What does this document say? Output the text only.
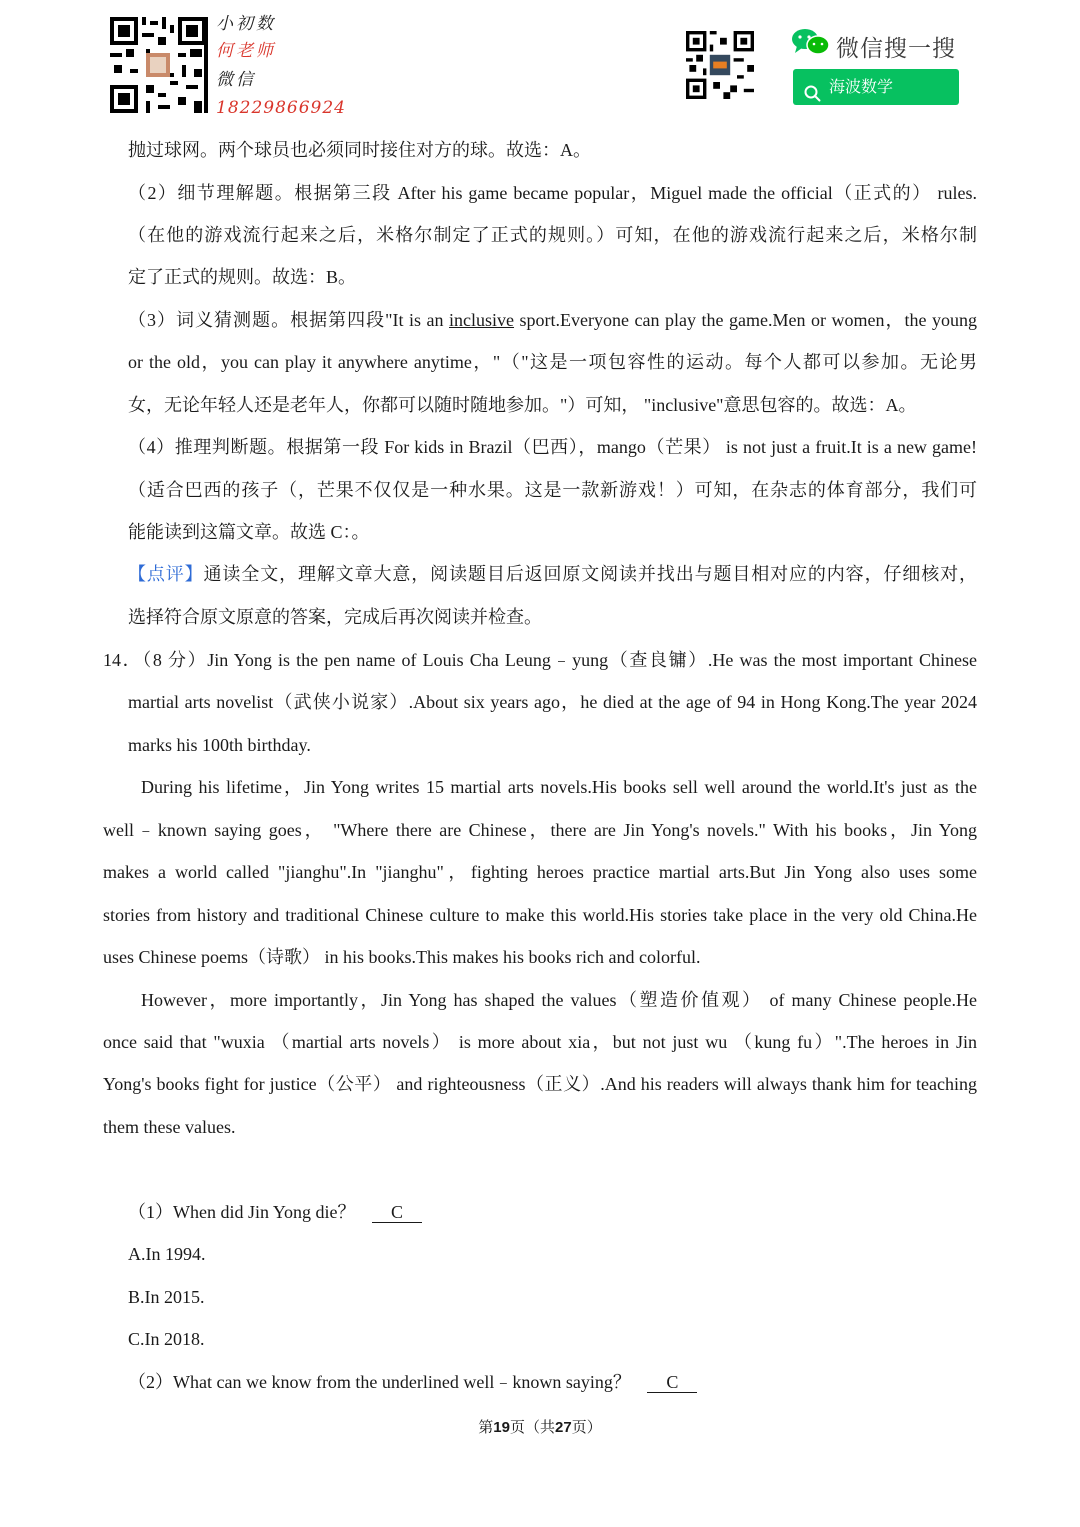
小初数
何老师
微信
18229866924
微信搜一搜
海波数学
抛过球网。两个球员也必须同时接住对方的球。故选：A。
（2）细节理解题。根据第三段 After his game became popular，Miguel made the official（正式的） rules.
（在他的游戏流行起来之后，米格尔制定了正式的规则。）可知，在他的游戏流行起来之后，米格尔制
定了正式的规则。故选：B。
（3）词义猜测题。根据第四段"It is an inclusive sport.Everyone can play the game.Men or women，the young
or the old，you can play it anywhere anytime，"（"这是一项包容性的运动。每个人都可以参加。无论男
女，无论年轻人还是老年人，你都可以随时随地参加。"）可知， "inclusive"意思包容的。故选：A。
（4）推理判断题。根据第一段 For kids in Brazil（巴西），mango（芒果） is not just a fruit.It is a new game!
（适合巴西的孩子（，芒果不仅仅是一种水果。这是一款新游戏！）可知，在杂志的体育部分，我们可
能能读到这篇文章。故选 C：。
【点评】通读全文，理解文章大意，阅读题目后返回原文阅读并找出与题目相对应的内容，仔细核对，
选择符合原文原意的答案，完成后再次阅读并检查。
14．（8 分）Jin Yong is the pen name of Louis Cha Leung﹣yung（查良镛）.He was the most important Chinese
martial arts novelist（武侠小说家）.About six years ago，he died at the age of 94 in Hong Kong.The year 2024
marks his 100th birthday.
During his lifetime，Jin Yong writes 15 martial arts novels.His books sell well around the world.It's just as the
well﹣known saying goes， "Where there are Chinese，there are Jin Yong's novels." With his books，Jin Yong
makes a world called "jianghu".In "jianghu"，fighting heroes practice martial arts.But Jin Yong also uses some
stories from history and traditional Chinese culture to make this world.His stories take place in the very old China.He
uses Chinese poems（诗歌） in his books.This makes his books rich and colorful.
However，more importantly，Jin Yong has shaped the values（塑造价值观） of many Chinese people.He
once said that "wuxia （martial arts novels） is more about xia，but not just wu （kung fu）".The heroes in Jin
Yong's books fight for justice（公平） and righteousness（正义）.And his readers will always thank him for teaching
them these values.
（1）When did Jin Yong die？ C
A.In 1994.
B.In 2015.
C.In 2018.
（2）What can we know from the underlined well﹣known saying？ C
第19页（共27页）
